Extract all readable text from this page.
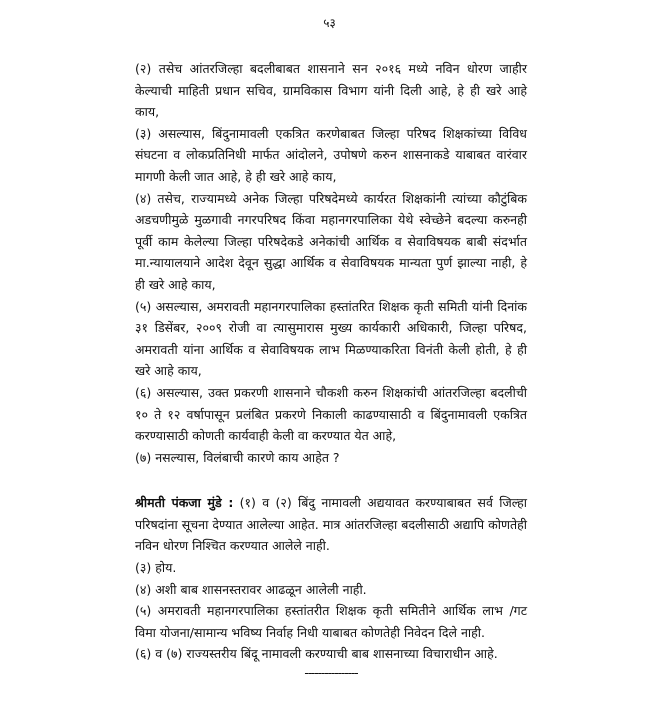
५३

(२) तसेच आंतरजिल्हा बदलीबाबत शासनाने सन २०१६ मध्ये नविन धोरण जाहीर केल्याची माहिती प्रधान सचिव, ग्रामविकास विभाग यांनी दिली आहे, हे ही खरे आहे काय,

(३) असल्यास, बिंदुनामावली एकत्रित करणेबाबत जिल्हा परिषद शिक्षकांच्या विविध संघटना व लोकप्रतिनिधी मार्फत आंदोलने, उपोषणे करुन शासनाकडे याबाबत वारंवार मागणी केली जात आहे, हे ही खरे आहे काय,

(४) तसेच, राज्यामध्ये अनेक जिल्हा परिषदेमध्ये कार्यरत शिक्षकांनी त्यांच्या कौटुंबिक अडचणीमुळे मुळगावी नगरपरिषद किंवा महानगरपालिका येथे स्वेच्छेने बदल्या करुनही पूर्वी काम केलेल्या जिल्हा परिषदेकडे अनेकांची आर्थिक व सेवाविषयक बाबी संदर्भात मा.न्यायालयाने आदेश देवून सुद्धा आर्थिक व सेवाविषयक मान्यता पुर्ण झाल्या नाही, हे ही खरे आहे काय,

(५) असल्यास, अमरावती महानगरपालिका हस्तांतरित शिक्षक कृती समिती यांनी दिनांक ३१ डिसेंबर, २००९ रोजी वा त्यासुमारास मुख्य कार्यकारी अधिकारी, जिल्हा परिषद, अमरावती यांना आर्थिक व सेवाविषयक लाभ मिळण्याकरिता विनंती केली होती, हे ही खरे आहे काय,

(६) असल्यास, उक्त प्रकरणी शासनाने चौकशी करुन शिक्षकांची आंतरजिल्हा बदलीची १० ते १२ वर्षापासून प्रलंबित प्रकरणे निकाली काढण्यासाठी व बिंदुनामावली एकत्रित करण्यासाठी कोणती कार्यवाही केली वा करण्यात येत आहे,

(७) नसल्यास, विलंबाची कारणे काय आहेत ?

श्रीमती पंकजा मुंडे : (१) व (२) बिंदु नामावली अद्ययावत करण्याबाबत सर्व जिल्हा परिषदांना सूचना देण्यात आलेल्या आहेत. मात्र आंतरजिल्हा बदलीसाठी अद्यापि कोणतेही नविन धोरण निश्चित करण्यात आलेले नाही.

(३) होय.

(४) अशी बाब शासनस्तरावर आढळून आलेली नाही.

(५) अमरावती महानगरपालिका हस्तांतरीत शिक्षक कृती समितीने आर्थिक लाभ /गट विमा योजना/सामान्य भविष्य निर्वाह निधी याबाबत कोणतेही निवेदन दिले नाही.

(६) व (७) राज्यस्तरीय बिंदू नामावली करण्याची बाब शासनाच्या विचाराधीन आहे.

----------------
